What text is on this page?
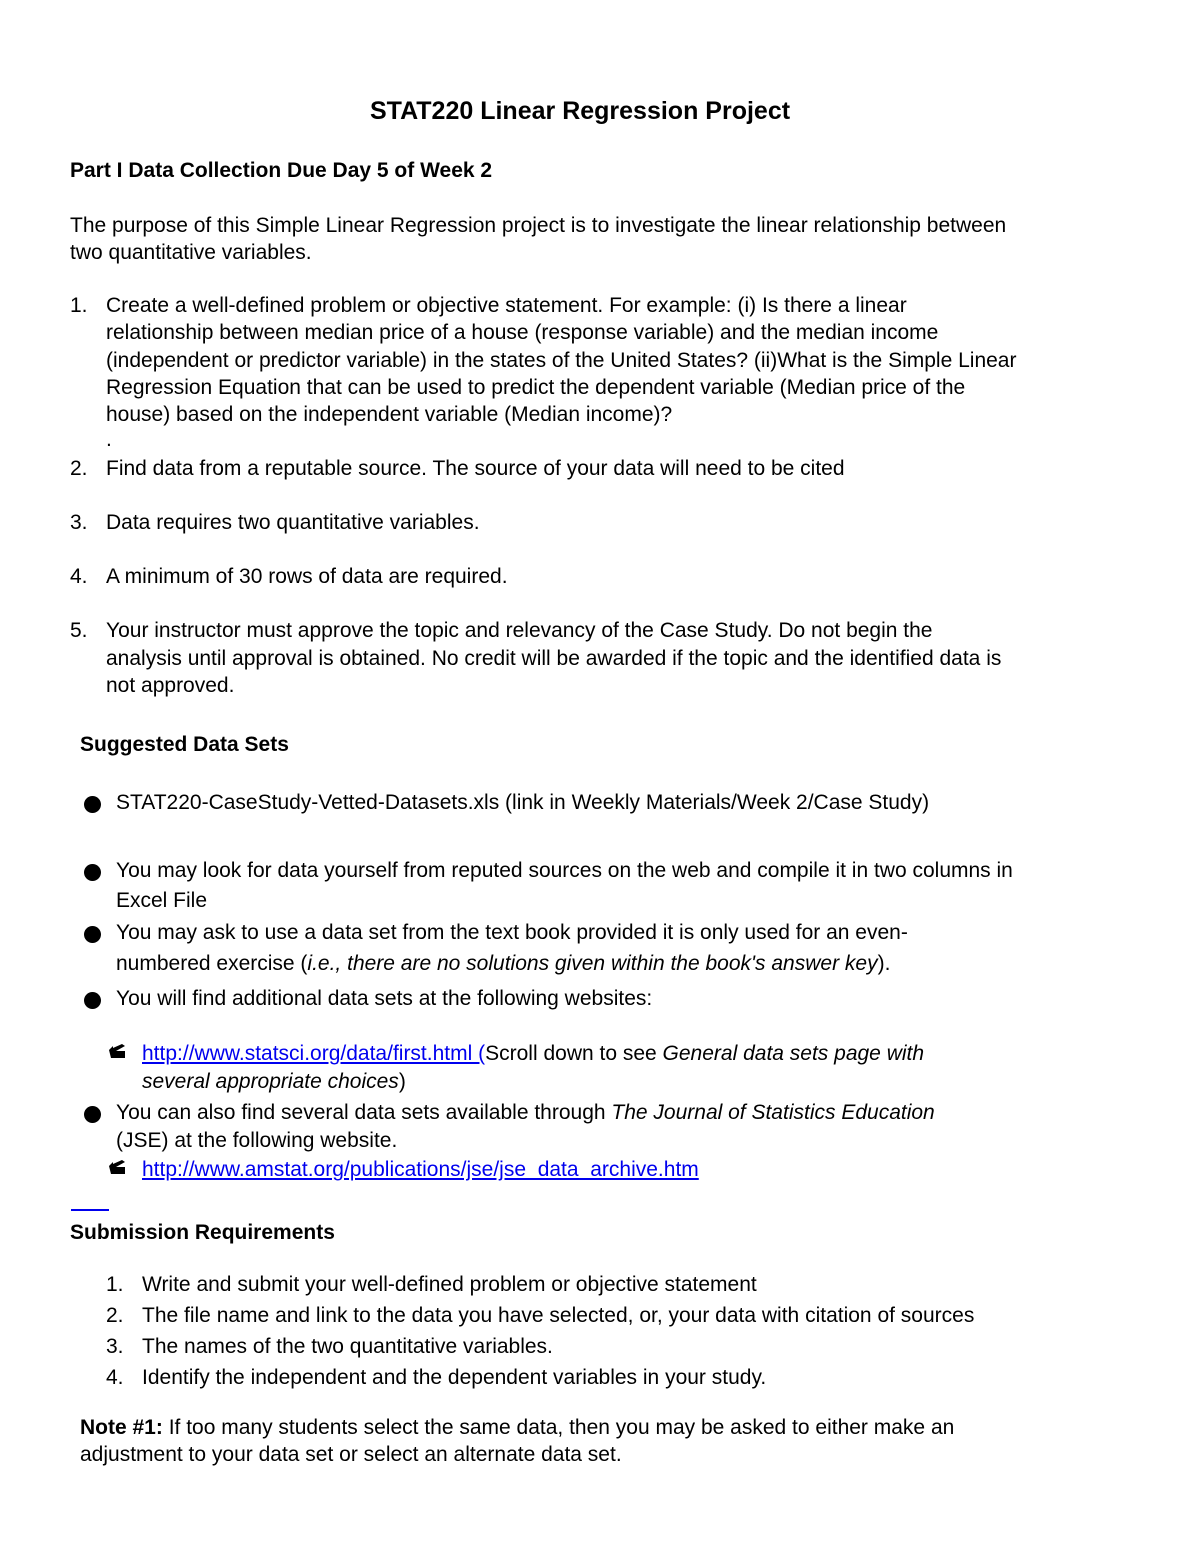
STAT220 Linear Regression Project
Part I Data Collection Due Day 5 of Week 2
The purpose of this Simple Linear Regression project is to investigate the linear relationship between
two quantitative variables.
1. Create a well-defined problem or objective statement. For example: (i) Is there a linear
relationship between median price of a house (response variable) and the median income
(independent or predictor variable) in the states of the United States? (ii)What is the Simple Linear
Regression Equation that can be used to predict the dependent variable (Median price of the
house) based on the independent variable (Median income)?
.
2. Find data from a reputable source. The source of your data will need to be cited
3. Data requires two quantitative variables.
4. A minimum of 30 rows of data are required.
5. Your instructor must approve the topic and relevancy of the Case Study. Do not begin the
analysis until approval is obtained. No credit will be awarded if the topic and the identified data is
not approved.
Suggested Data Sets
STAT220-CaseStudy-Vetted-Datasets.xls (link in Weekly Materials/Week 2/Case Study)
You may look for data yourself from reputed sources on the web and compile it in two columns in
Excel File
You may ask to use a data set from the text book provided it is only used for an even-
numbered exercise (i.e., there are no solutions given within the book's answer key).
You will find additional data sets at the following websites:
http://www.statsci.org/data/first.html (Scroll down to see General data sets page with
several appropriate choices)
You can also find several data sets available through The Journal of Statistics Education
(JSE) at the following website.
http://www.amstat.org/publications/jse/jse_data_archive.htm
Submission Requirements
1. Write and submit your well-defined problem or objective statement
2. The file name and link to the data you have selected, or, your data with citation of sources
3. The names of the two quantitative variables.
4. Identify the independent and the dependent variables in your study.
Note #1: If too many students select the same data, then you may be asked to either make an
adjustment to your data set or select an alternate data set.
